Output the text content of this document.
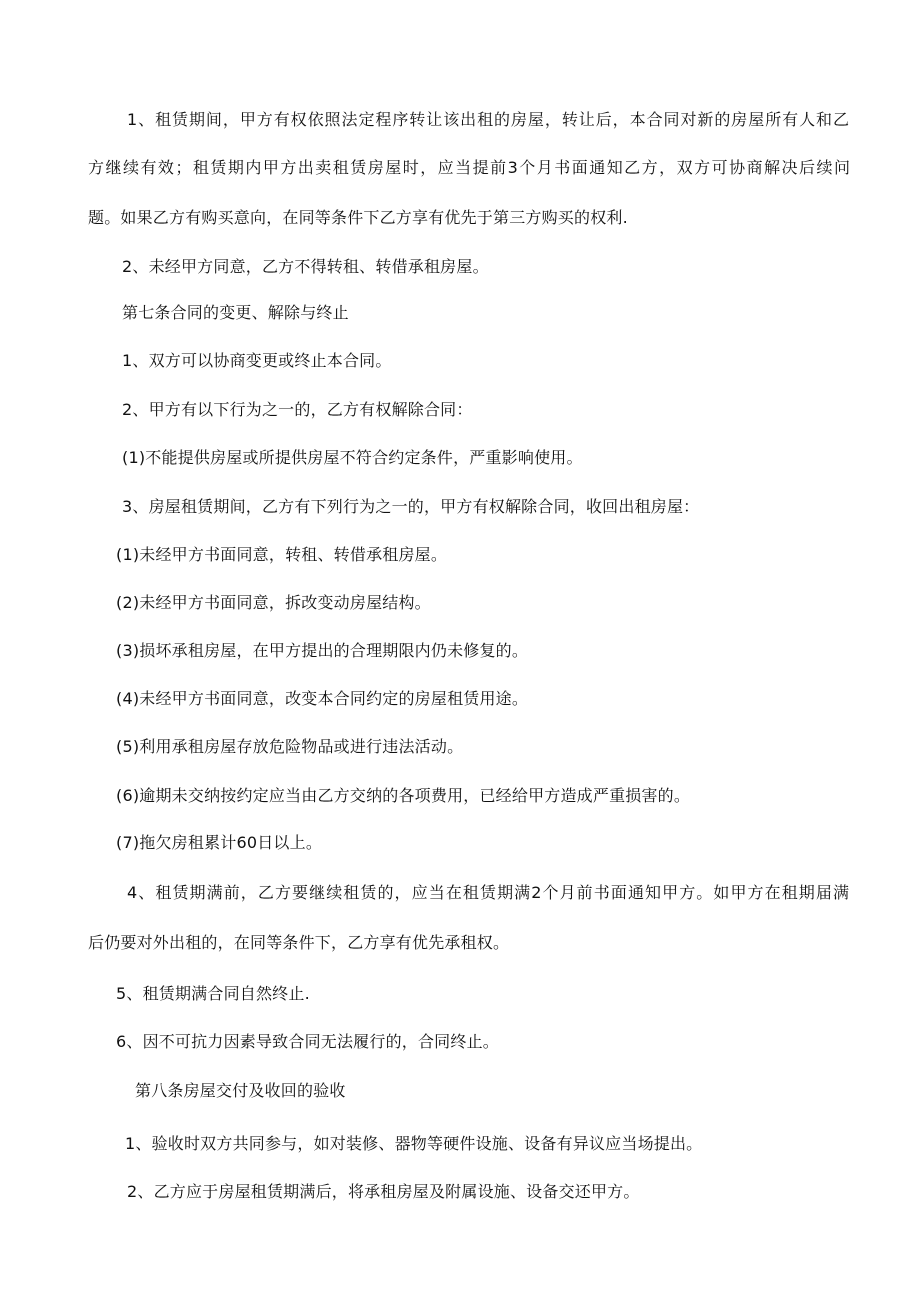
1、租赁期间，甲方有权依照法定程序转让该出租的房屋，转让后，本合同对新的房屋所有人和乙
方继续有效；租赁期内甲方出卖租赁房屋时，应当提前3个月书面通知乙方，双方可协商解决后续问
题。如果乙方有购买意向，在同等条件下乙方享有优先于第三方购买的权利.
2、未经甲方同意，乙方不得转租、转借承租房屋。
第七条合同的变更、解除与终止
1、双方可以协商变更或终止本合同。
2、甲方有以下行为之一的，乙方有权解除合同：
(1)不能提供房屋或所提供房屋不符合约定条件，严重影响使用。
3、房屋租赁期间，乙方有下列行为之一的，甲方有权解除合同，收回出租房屋：
(1)未经甲方书面同意，转租、转借承租房屋。
(2)未经甲方书面同意，拆改变动房屋结构。
(3)损坏承租房屋，在甲方提出的合理期限内仍未修复的。
(4)未经甲方书面同意，改变本合同约定的房屋租赁用途。
(5)利用承租房屋存放危险物品或进行违法活动。
(6)逾期未交纳按约定应当由乙方交纳的各项费用，已经给甲方造成严重损害的。
(7)拖欠房租累计60日以上。
4、租赁期满前，乙方要继续租赁的，应当在租赁期满2个月前书面通知甲方。如甲方在租期届满
后仍要对外出租的，在同等条件下，乙方享有优先承租权。
5、租赁期满合同自然终止.
6、因不可抗力因素导致合同无法履行的，合同终止。
第八条房屋交付及收回的验收
1、验收时双方共同参与，如对装修、器物等硬件设施、设备有异议应当场提出。
2、乙方应于房屋租赁期满后，将承租房屋及附属设施、设备交还甲方。
